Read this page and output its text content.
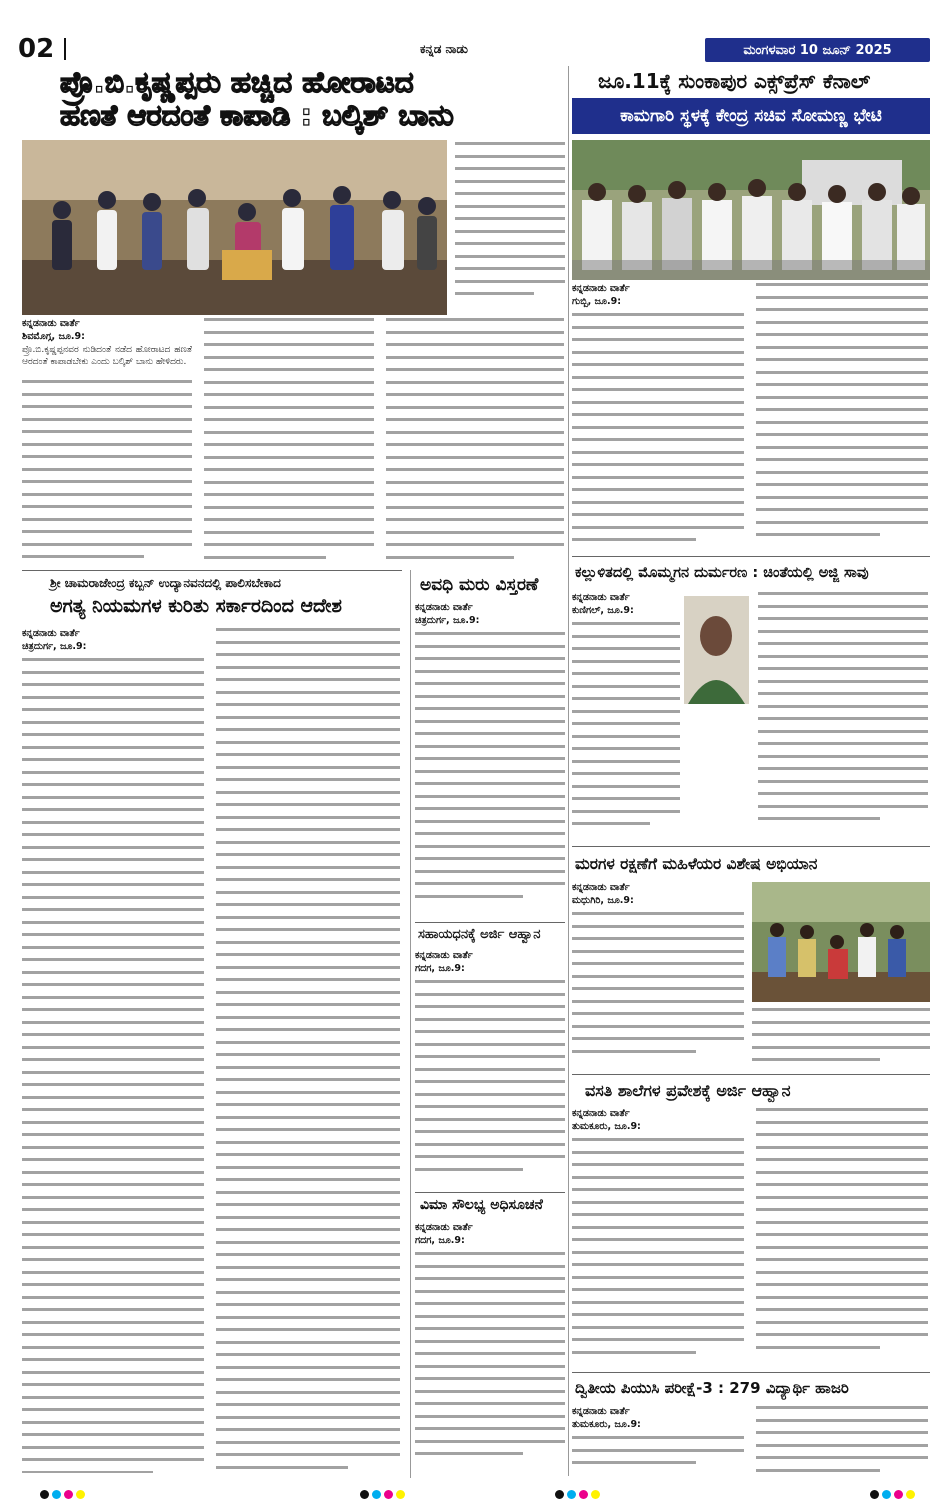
02	ಕನ್ನಡ ನಾಡು	ಮಂಗಳವಾರ 10 ಜೂನ್ 2025
ಪ್ರೊ.ಬಿ.ಕೃಷ್ಣಪ್ಪರು ಹಚ್ಚಿದ ಹೋರಾಟದ
ಹಣತೆ ಆರದಂತೆ ಕಾಪಾಡಿ : ಬಲ್ಕಿಶ್ ಬಾನು
ಕನ್ನಡನಾಡು ವಾರ್ತೆ
ಶಿವಮೊಗ್ಗ, ಜೂ.9:
ಪ್ರೊ.ಬಿ.ಕೃಷ್ಣಪ್ಪನವರ ನುಡಿದಂತೆ ನಡೆದ ಹೋರಾಟದ ಹಣತೆ ಆರದಂತೆ ಕಾಪಾಡಬೇಕು ಎಂದು ಬಲ್ಕಿಶ್ ಬಾನು ಹೇಳಿದರು.
ಜೂ.11ಕ್ಕೆ ಸುಂಕಾಪುರ ಎಕ್ಸ್‌ಪ್ರೆಸ್ ಕೆನಾಲ್
ಕಾಮಗಾರಿ ಸ್ಥಳಕ್ಕೆ ಕೇಂದ್ರ ಸಚಿವ ಸೋಮಣ್ಣ ಭೇಟಿ
ಕನ್ನಡನಾಡು ವಾರ್ತೆ
ಗುಬ್ಬಿ, ಜೂ.9:
ಶ್ರೀ ಚಾಮರಾಜೇಂದ್ರ ಕಬ್ಬನ್ ಉದ್ಯಾನವನದಲ್ಲಿ ಪಾಲಿಸಬೇಕಾದ
ಅಗತ್ಯ ನಿಯಮಗಳ ಕುರಿತು ಸರ್ಕಾರದಿಂದ ಆದೇಶ
ಕನ್ನಡನಾಡು ವಾರ್ತೆ
ಚಿತ್ರದುರ್ಗ, ಜೂ.9:
ಅವಧಿ ಮರು ವಿಸ್ತರಣೆ
ಕನ್ನಡನಾಡು ವಾರ್ತೆ
ಚಿತ್ರದುರ್ಗ, ಜೂ.9:
ಸಹಾಯಧನಕ್ಕೆ ಅರ್ಜಿ ಆಹ್ವಾನ
ಕನ್ನಡನಾಡು ವಾರ್ತೆ
ಗದಗ, ಜೂ.9:
ವಿಮಾ ಸೌಲಭ್ಯ ಅಧಿಸೂಚನೆ
ಕನ್ನಡನಾಡು ವಾರ್ತೆ
ಗದಗ, ಜೂ.9:
ಕಲ್ಲುಳಿತದಲ್ಲಿ ಮೊಮ್ಮಗನ ದುರ್ಮರಣ : ಚಿಂತೆಯಲ್ಲಿ ಅಜ್ಜಿ ಸಾವು
ಕನ್ನಡನಾಡು ವಾರ್ತೆ
ಕುಣಿಗಲ್, ಜೂ.9:
ಮರಗಳ ರಕ್ಷಣೆಗೆ ಮಹಿಳೆಯರ ವಿಶೇಷ ಅಭಿಯಾನ
ಕನ್ನಡನಾಡು ವಾರ್ತೆ
ಮಧುಗಿರಿ, ಜೂ.9:
ವಸತಿ ಶಾಲೆಗಳ ಪ್ರವೇಶಕ್ಕೆ ಅರ್ಜಿ ಆಹ್ವಾನ
ಕನ್ನಡನಾಡು ವಾರ್ತೆ
ತುಮಕೂರು, ಜೂ.9:
ದ್ವಿತೀಯ ಪಿಯುಸಿ ಪರೀಕ್ಷೆ-3 : 279 ವಿದ್ಯಾರ್ಥಿ ಹಾಜರಿ
ಕನ್ನಡನಾಡು ವಾರ್ತೆ
ತುಮಕೂರು, ಜೂ.9:
